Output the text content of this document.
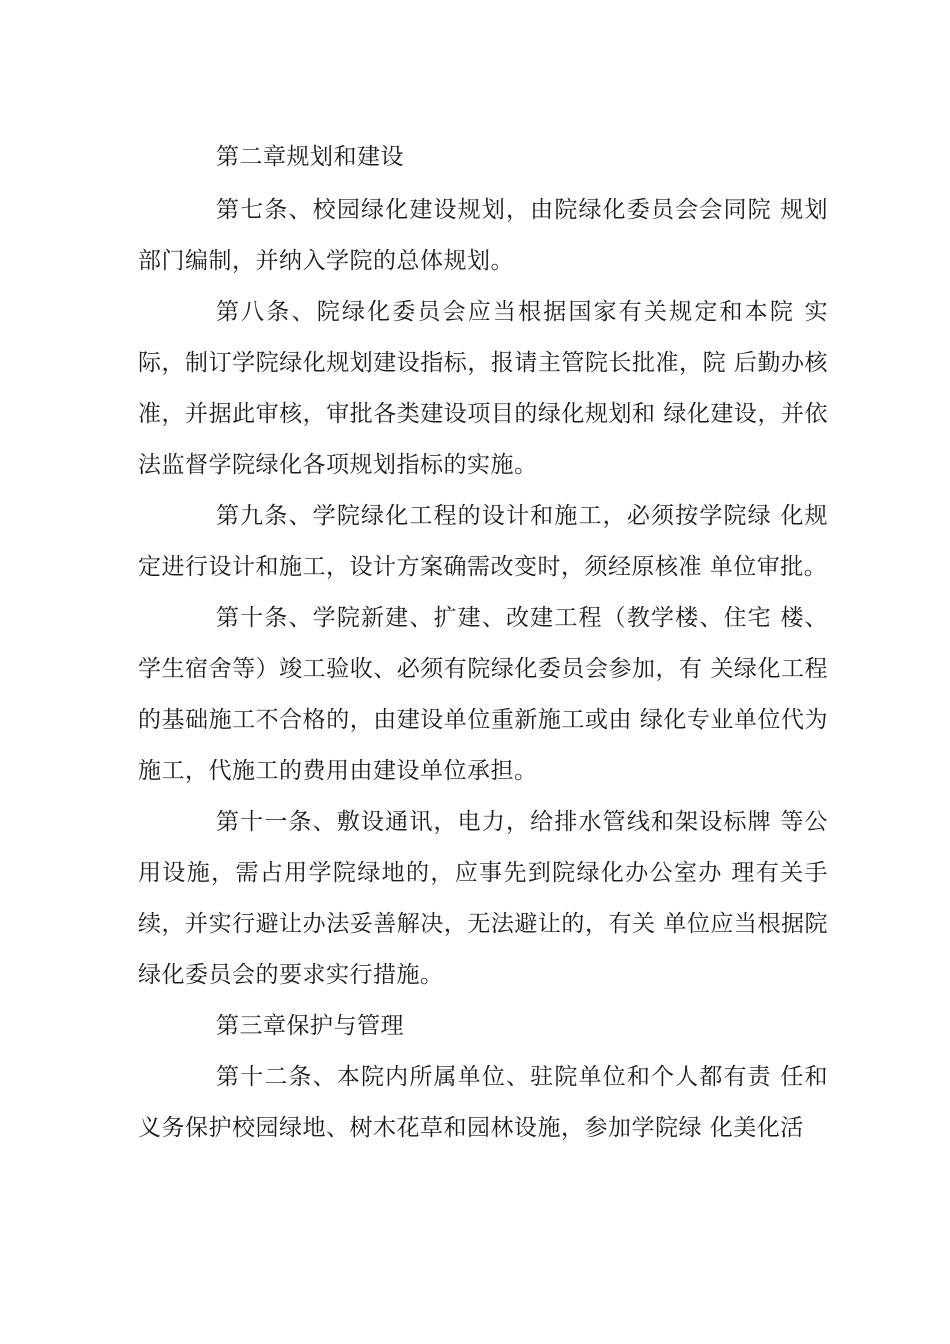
第二章规划和建设

第七条、校园绿化建设规划，由院绿化委员会会同院 规划部门编制，并纳入学院的总体规划。

第八条、院绿化委员会应当根据国家有关规定和本院 实际，制订学院绿化规划建设指标，报请主管院长批准，院 后勤办核准，并据此审核，审批各类建设项目的绿化规划和 绿化建设，并依法监督学院绿化各项规划指标的实施。

第九条、学院绿化工程的设计和施工，必须按学院绿 化规定进行设计和施工，设计方案确需改变时，须经原核准 单位审批。

第十条、学院新建、扩建、改建工程（教学楼、住宅 楼、学生宿舍等）竣工验收、必须有院绿化委员会参加，有 关绿化工程的基础施工不合格的，由建设单位重新施工或由 绿化专业单位代为施工，代施工的费用由建设单位承担。

第十一条、敷设通讯，电力，给排水管线和架设标牌 等公用设施，需占用学院绿地的，应事先到院绿化办公室办 理有关手续，并实行避让办法妥善解决，无法避让的，有关 单位应当根据院绿化委员会的要求实行措施。

第三章保护与管理

第十二条、本院内所属单位、驻院单位和个人都有责 任和义务保护校园绿地、树木花草和园林设施，参加学院绿 化美化活
